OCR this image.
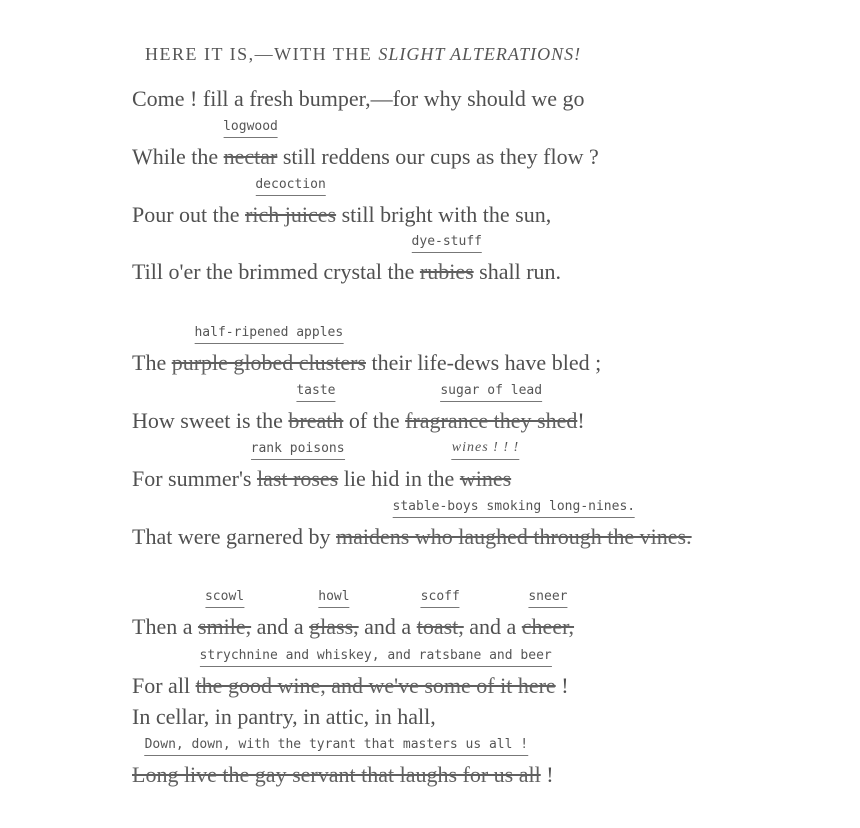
HERE IT IS,—WITH THE SLIGHT ALTERATIONS!
Come ! fill a fresh bumper,—for why should we go
While the nectar
logwood
still reddens our cups as they flow ?
Pour out the rich juices
decoction
still bright with the sun,
Till o'er the brimmed crystal the rubies
dye-stuff
shall run.
The purple globed clusters
half-ripened apples
their life-dews have bled ;
How sweet is the breath
taste
of the fragrance they shed
sugar of lead
!
For summer's last roses
rank poisons
lie hid in the wines
wines ! ! !
That were garnered by maidens who laughed through the vines.
stable-boys smoking long-nines.
Then a smile,
scowl
and a glass,
howl
and a toast,
scoff
and a cheer,
sneer
For all the good wine, and we've some of it here
strychnine and whiskey, and ratsbane and beer
!
In cellar, in pantry, in attic, in hall,
Long live the gay servant that laughs for us all
Down, down, with the tyrant that masters us all !
!
